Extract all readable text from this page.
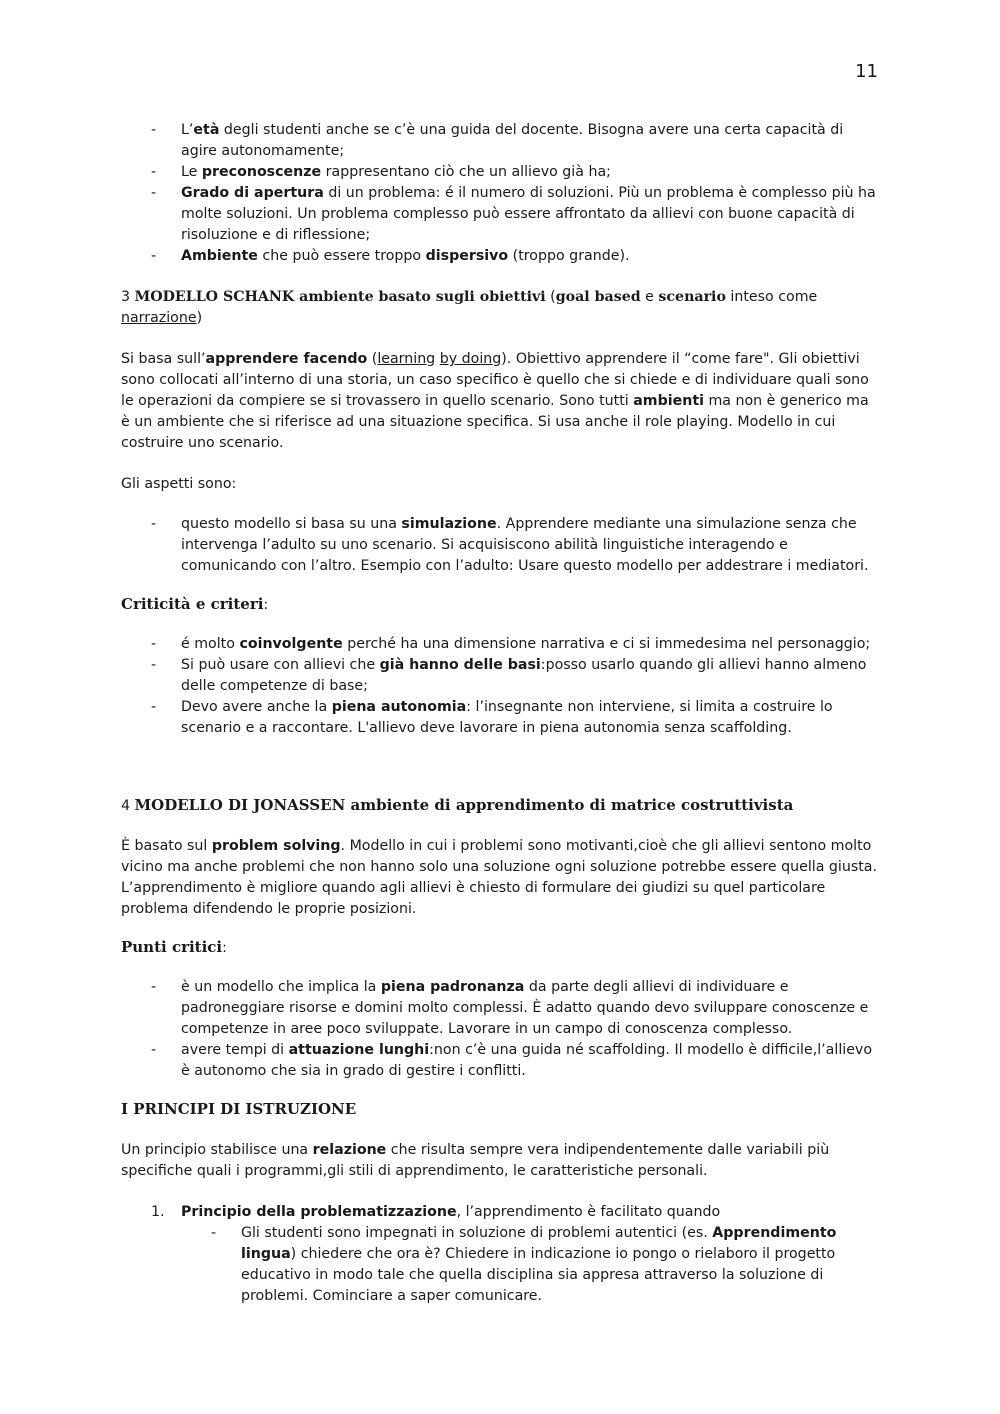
11
- L’età degli studenti anche se c’è una guida del docente. Bisogna avere una certa capacità di agire autonomamente;
- Le preconoscenze rappresentano ciò che un allievo già ha;
- Grado di apertura di un problema: é il numero di soluzioni. Più un problema è complesso più ha molte soluzioni. Un problema complesso può essere affrontato da allievi con buone capacità di risoluzione e di riflessione;
- Ambiente che può essere troppo dispersivo (troppo grande).

3 MODELLO SCHANK ambiente basato sugli obiettivi (goal based e scenario inteso come narrazione)

Si basa sull’apprendere facendo (learning by doing). Obiettivo apprendere il “come fare". Gli obiettivi sono collocati all’interno di una storia, un caso specifico è quello che si chiede e di individuare quali sono le operazioni da compiere se si trovassero in quello scenario. Sono tutti ambienti ma non è generico ma è un ambiente che si riferisce ad una situazione specifica. Si usa anche il role playing. Modello in cui costruire uno scenario.

Gli aspetti sono:

- questo modello si basa su una simulazione. Apprendere mediante una simulazione senza che intervenga l’adulto su uno scenario. Si acquisiscono abilità linguistiche interagendo e comunicando con l’altro. Esempio con l’adulto: Usare questo modello per addestrare i mediatori.

Criticità e criteri:

- é molto coinvolgente perché ha una dimensione narrativa e ci si immedesima nel personaggio;
- Si può usare con allievi che già hanno delle basi:posso usarlo quando gli allievi hanno almeno delle competenze di base;
- Devo avere anche la piena autonomia: l’insegnante non interviene, si limita a costruire lo scenario e a raccontare. L'allievo deve lavorare in piena autonomia senza scaffolding.

4 MODELLO DI JONASSEN ambiente di apprendimento di matrice costruttivista

È basato sul problem solving. Modello in cui i problemi sono motivanti,cioè che gli allievi sentono molto vicino ma anche problemi che non hanno solo una soluzione ogni soluzione potrebbe essere quella giusta. L’apprendimento è migliore quando agli allievi è chiesto di formulare dei giudizi su quel particolare problema difendendo le proprie posizioni.

Punti critici:

- è un modello che implica la piena padronanza da parte degli allievi di individuare e padroneggiare risorse e domini molto complessi. È adatto quando devo sviluppare conoscenze e competenze in aree poco sviluppate. Lavorare in un campo di conoscenza complesso.
- avere tempi di attuazione lunghi:non c’è una guida né scaffolding. Il modello è difficile,l’allievo è autonomo che sia in grado di gestire i conflitti.

I PRINCIPI DI ISTRUZIONE

Un principio stabilisce una relazione che risulta sempre vera indipendentemente dalle variabili più specifiche quali i programmi,gli stili di apprendimento, le caratteristiche personali.

1. Principio della problematizzazione, l’apprendimento è facilitato quando
- Gli studenti sono impegnati in soluzione di problemi autentici (es. Apprendimento lingua) chiedere che ora è? Chiedere in indicazione io pongo o rielaboro il progetto educativo in modo tale che quella disciplina sia appresa attraverso la soluzione di problemi. Cominciare a saper comunicare.
